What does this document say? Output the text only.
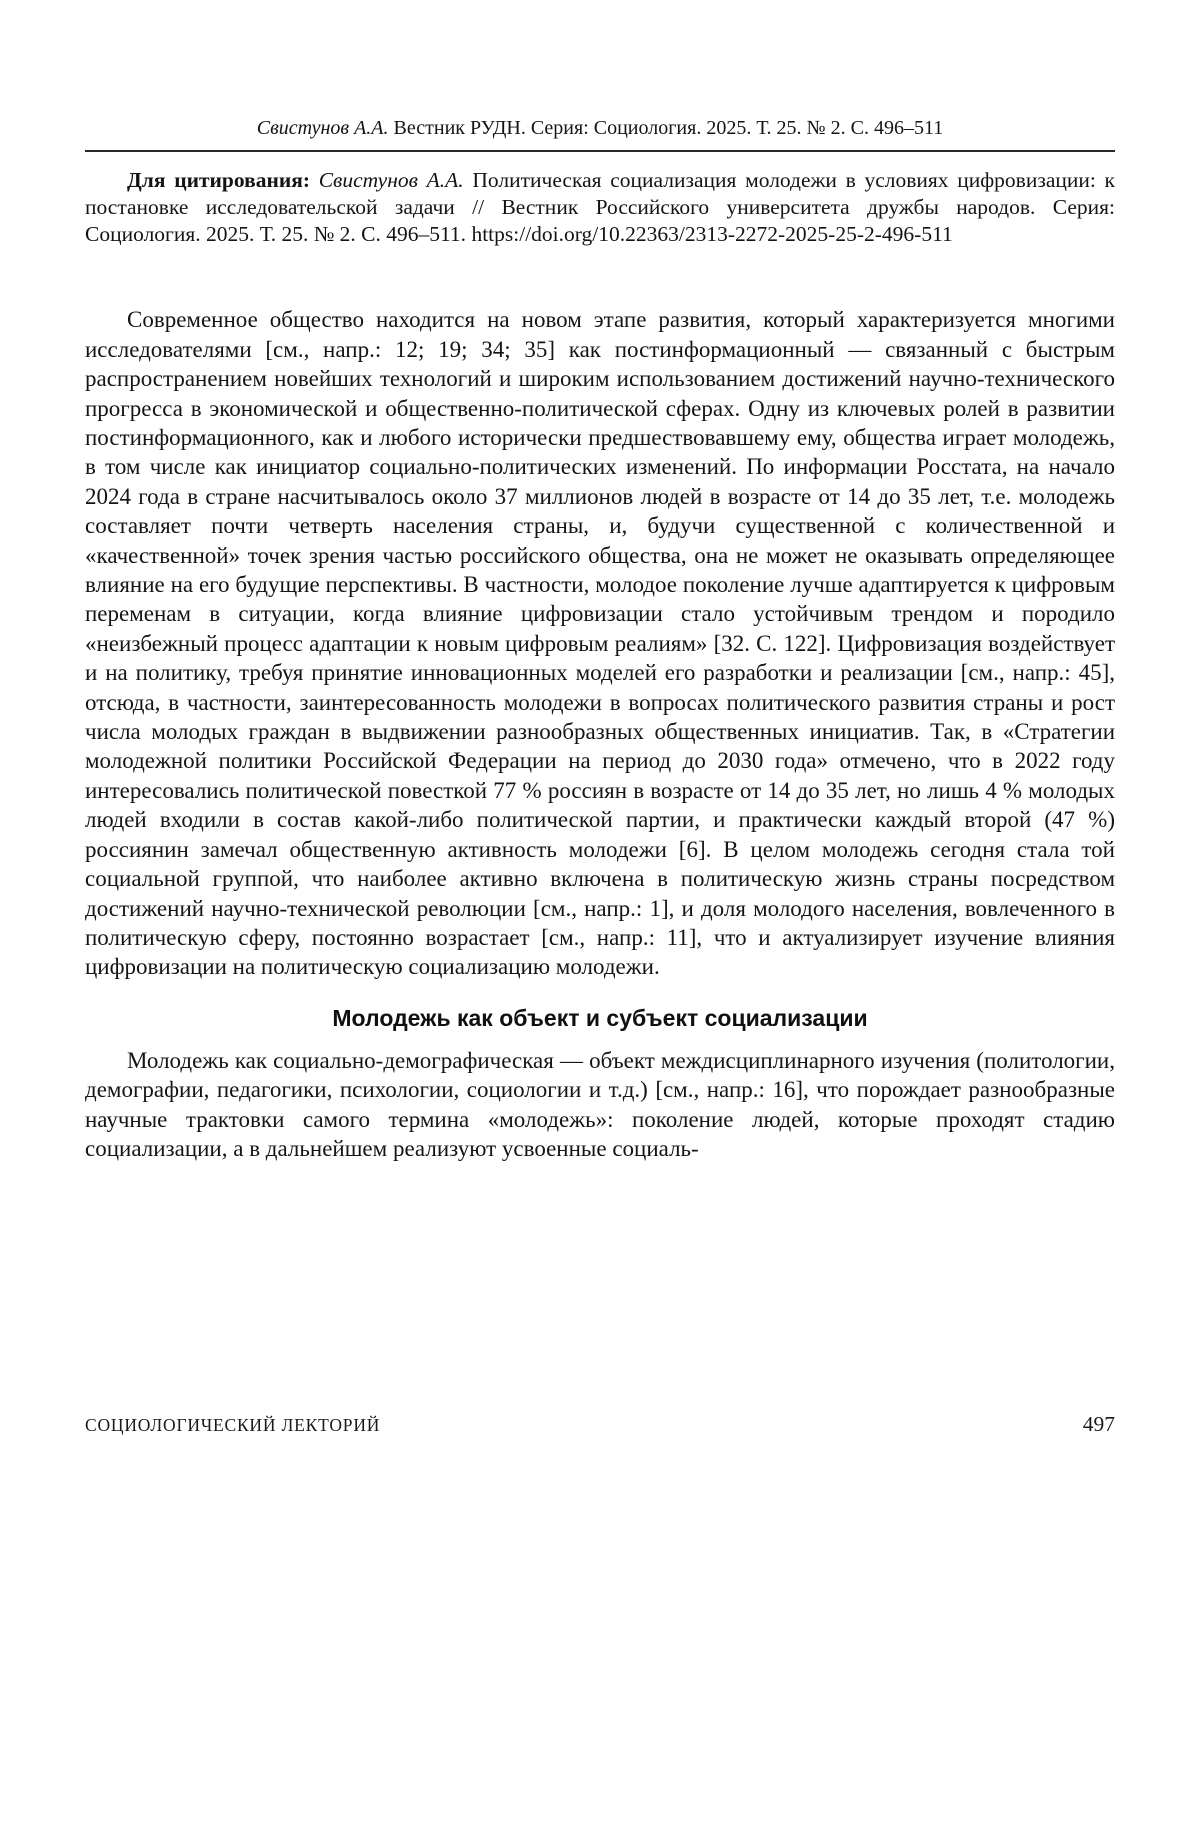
Свистунов А.А. Вестник РУДН. Серия: Социология. 2025. Т. 25. № 2. С. 496–511

Для цитирования: Свистунов А.А. Политическая социализация молодежи в условиях цифровизации: к постановке исследовательской задачи // Вестник Российского университета дружбы народов. Серия: Социология. 2025. Т. 25. № 2. С. 496–511. https://doi.org/10.22363/2313-2272-2025-25-2-496-511

Современное общество находится на новом этапе развития, который характеризуется многими исследователями [см., напр.: 12; 19; 34; 35] как постинформационный — связанный с быстрым распространением новейших технологий и широким использованием достижений научно-технического прогресса в экономической и общественно-политической сферах. Одну из ключевых ролей в развитии постинформационного, как и любого исторически предшествовавшему ему, общества играет молодежь, в том числе как инициатор социально-политических изменений. По информации Росстата, на начало 2024 года в стране насчитывалось около 37 миллионов людей в возрасте от 14 до 35 лет, т.е. молодежь составляет почти четверть населения страны, и, будучи существенной с количественной и «качественной» точек зрения частью российского общества, она не может не оказывать определяющее влияние на его будущие перспективы. В частности, молодое поколение лучше адаптируется к цифровым переменам в ситуации, когда влияние цифровизации стало устойчивым трендом и породило «неизбежный процесс адаптации к новым цифровым реалиям» [32. С. 122]. Цифровизация воздействует и на политику, требуя принятие инновационных моделей его разработки и реализации [см., напр.: 45], отсюда, в частности, заинтересованность молодежи в вопросах политического развития страны и рост числа молодых граждан в выдвижении разнообразных общественных инициатив. Так, в «Стратегии молодежной политики Российской Федерации на период до 2030 года» отмечено, что в 2022 году интересовались политической повесткой 77 % россиян в возрасте от 14 до 35 лет, но лишь 4 % молодых людей входили в состав какой-либо политической партии, и практически каждый второй (47 %) россиянин замечал общественную активность молодежи [6]. В целом молодежь сегодня стала той социальной группой, что наиболее активно включена в политическую жизнь страны посредством достижений научно-технической революции [см., напр.: 1], и доля молодого населения, вовлеченного в политическую сферу, постоянно возрастает [см., напр.: 11], что и актуализирует изучение влияния цифровизации на политическую социализацию молодежи.

Молодежь как объект и субъект социализации

Молодежь как социально-демографическая — объект междисциплинарного изучения (политологии, демографии, педагогики, психологии, социологии и т.д.) [см., напр.: 16], что порождает разнообразные научные трактовки самого термина «молодежь»: поколение людей, которые проходят стадию социализации, а в дальнейшем реализуют усвоенные социаль-

СОЦИОЛОГИЧЕСКИЙ ЛЕКТОРИЙ	497
